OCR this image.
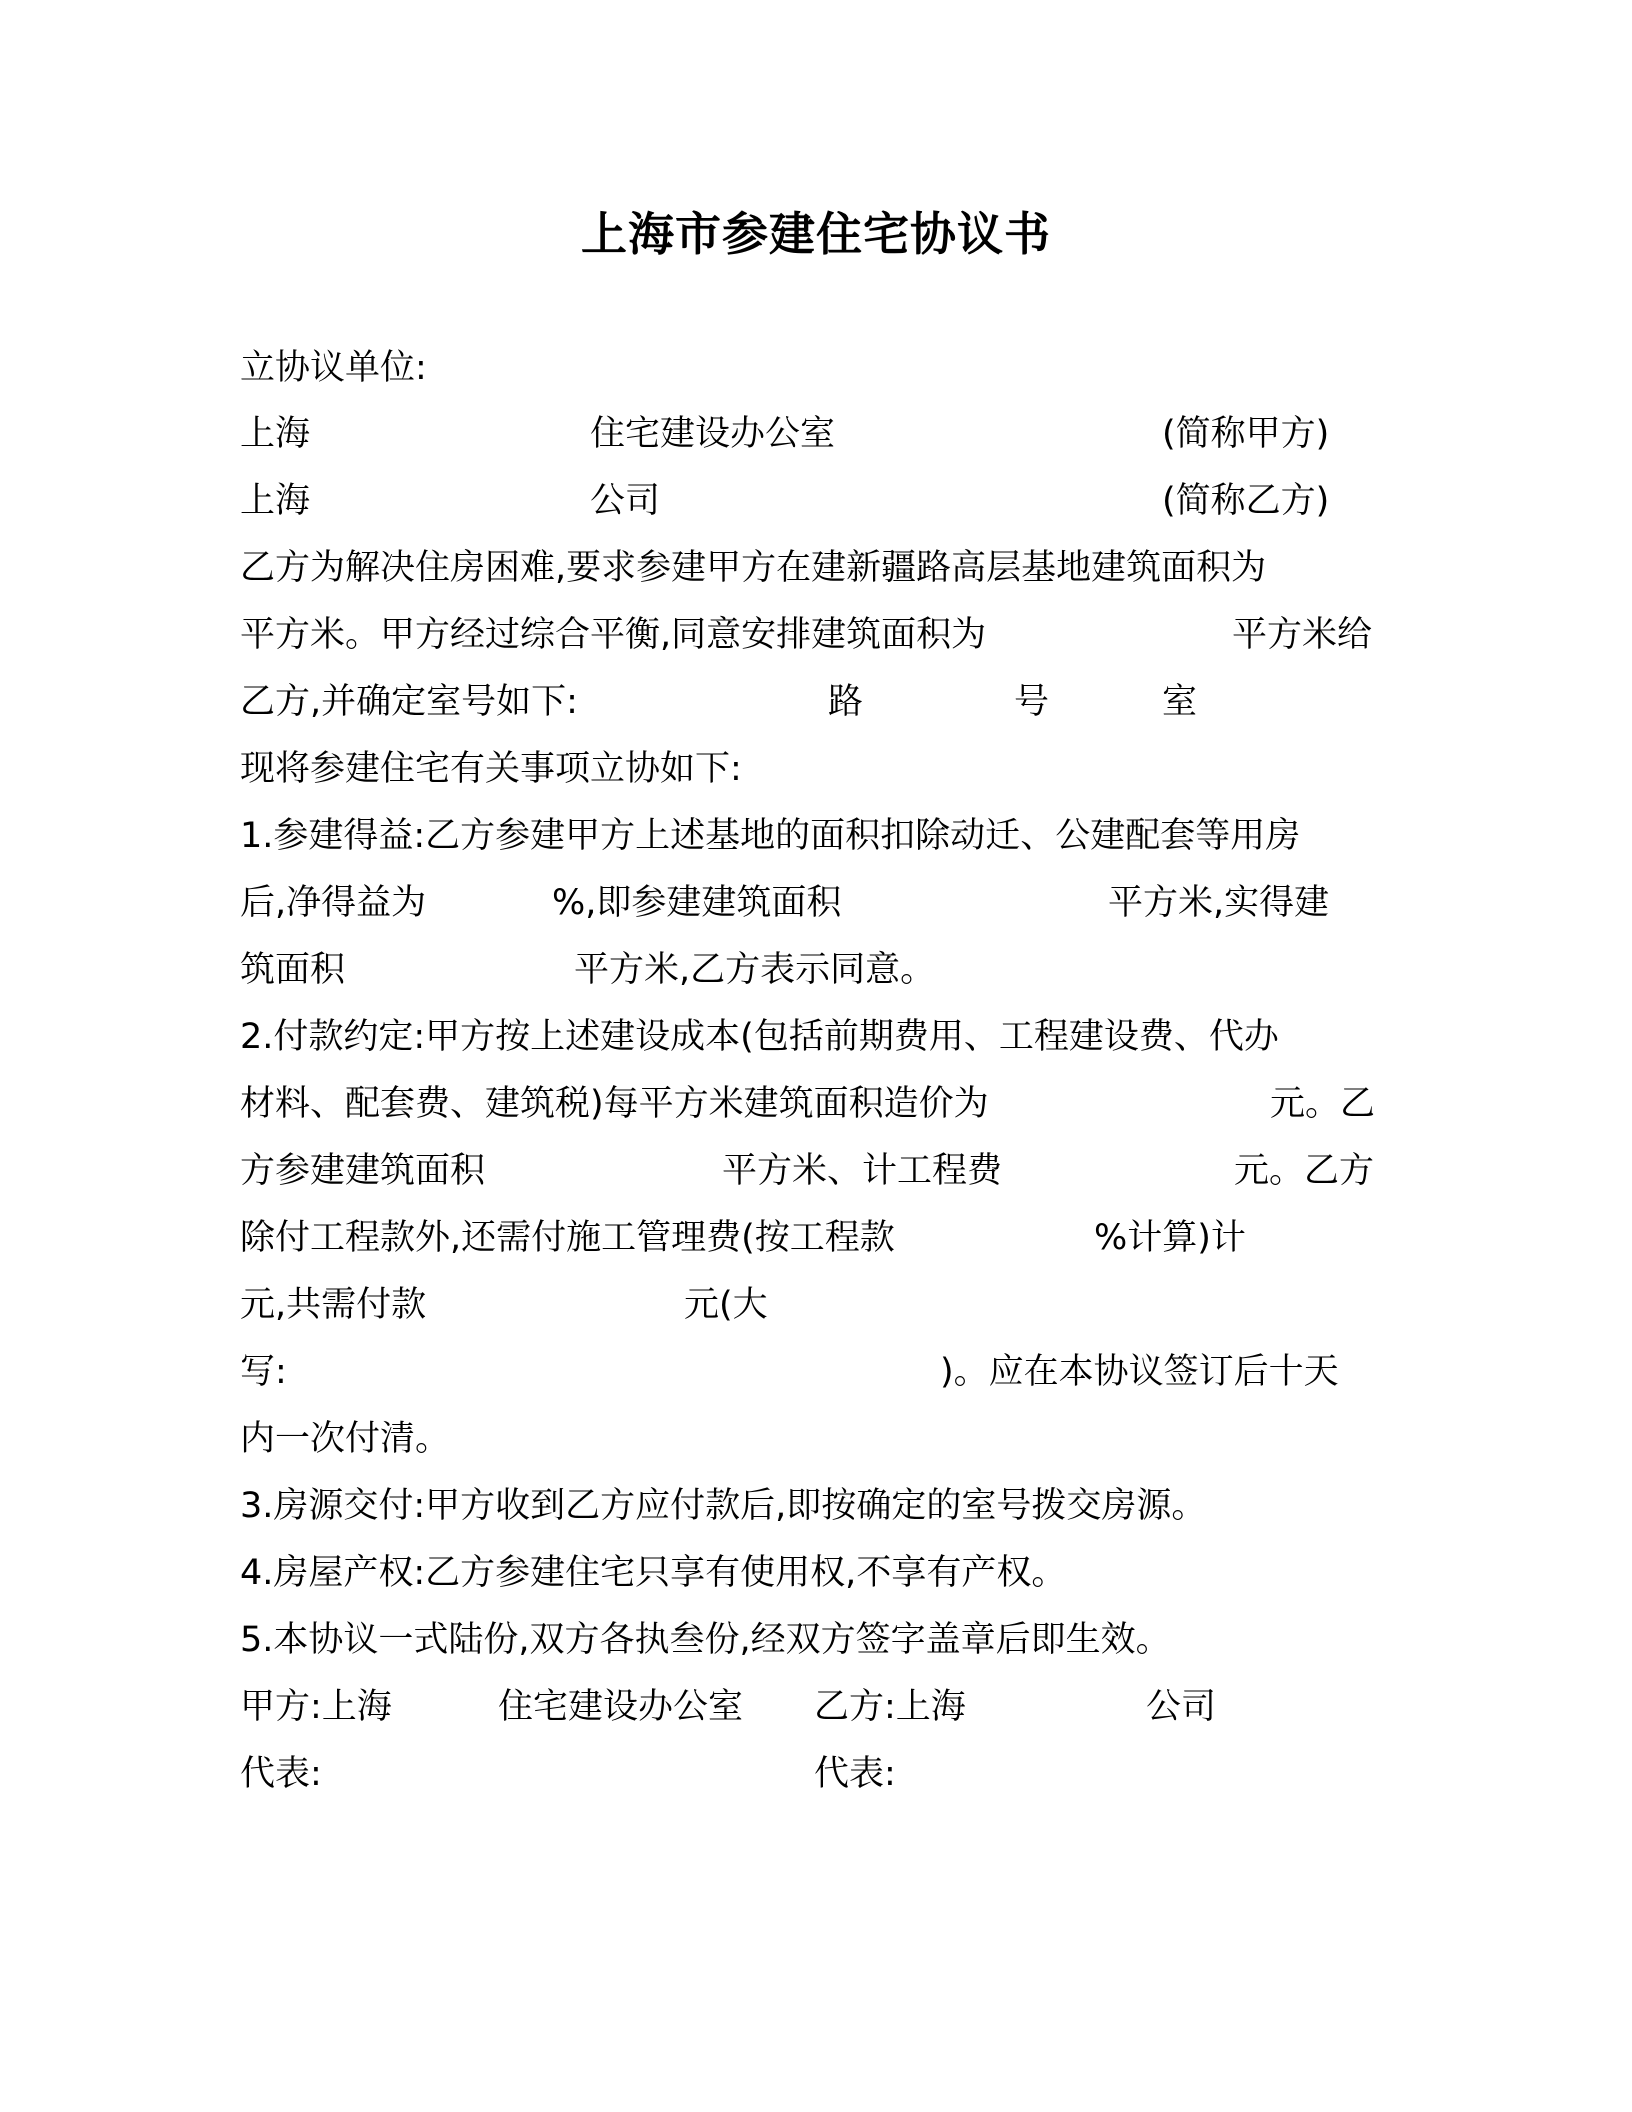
上海市参建住宅协议书
立协议单位:
上海	住宅建设办公室	(简称甲方)
上海	公司	(简称乙方)
乙方为解决住房困难,要求参建甲方在建新疆路高层基地建筑面积为
平方米。甲方经过综合平衡,同意安排建筑面积为	平方米给
乙方,并确定室号如下:	路	号	室
现将参建住宅有关事项立协如下:
1.参建得益:乙方参建甲方上述基地的面积扣除动迁、公建配套等用房
后,净得益为	%,即参建建筑面积	平方米,实得建
筑面积	平方米,乙方表示同意。
2.付款约定:甲方按上述建设成本(包括前期费用、工程建设费、代办
材料、配套费、建筑税)每平方米建筑面积造价为	元。乙
方参建建筑面积	平方米、计工程费	元。乙方
除付工程款外,还需付施工管理费(按工程款	%计算)计
元,共需付款	元(大
写:	)。应在本协议签订后十天
内一次付清。
3.房源交付:甲方收到乙方应付款后,即按确定的室号拨交房源。
4.房屋产权:乙方参建住宅只享有使用权,不享有产权。
5.本协议一式陆份,双方各执叁份,经双方签字盖章后即生效。
甲方:上海	住宅建设办公室 乙方:上海	公司
代表:	代表:
